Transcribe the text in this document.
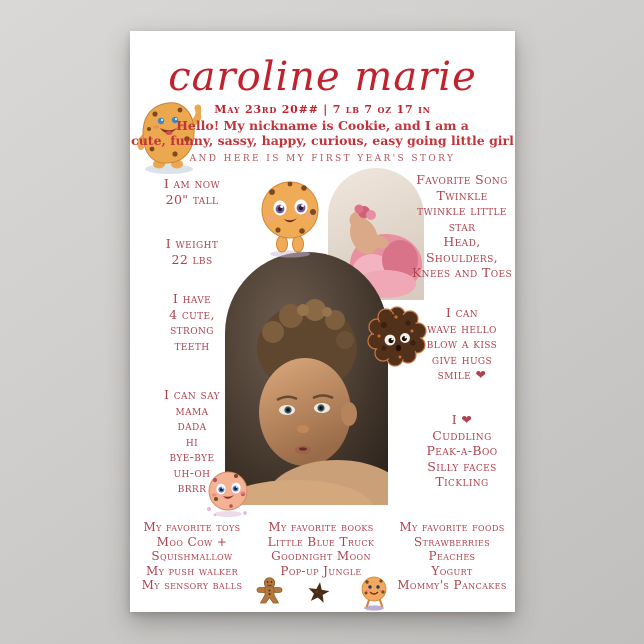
caroline marie
May 23rd 20## | 7 lb 7 oz 17 in
Hello! My nickname is Cookie, and I am a
cute, funny, sassy, happy, curious, easy going little girl
AND HERE IS MY FIRST YEAR'S STORY
I am now
20" tall
I weight
22 lbs
I have
4 cute,
strong
teeth
I can say
mama
dada
hi
bye-bye
uh-oh
brrr
Favorite Song
Twinkle
twinkle little
star
Head,
Shoulders,
Knees and Toes
I can
wave hello
blow a kiss
give hugs
smile ❤
I ❤
Cuddling
Peak-a-Boo
Silly faces
Tickling
My favorite toys
Moo Cow +
Squishmallow
My push walker
My sensory balls
My favorite books
Little Blue Truck
Goodnight Moon
Pop-up Jungle
My favorite foods
Strawberries
Peaches
Yogurt
Mommy's Pancakes
